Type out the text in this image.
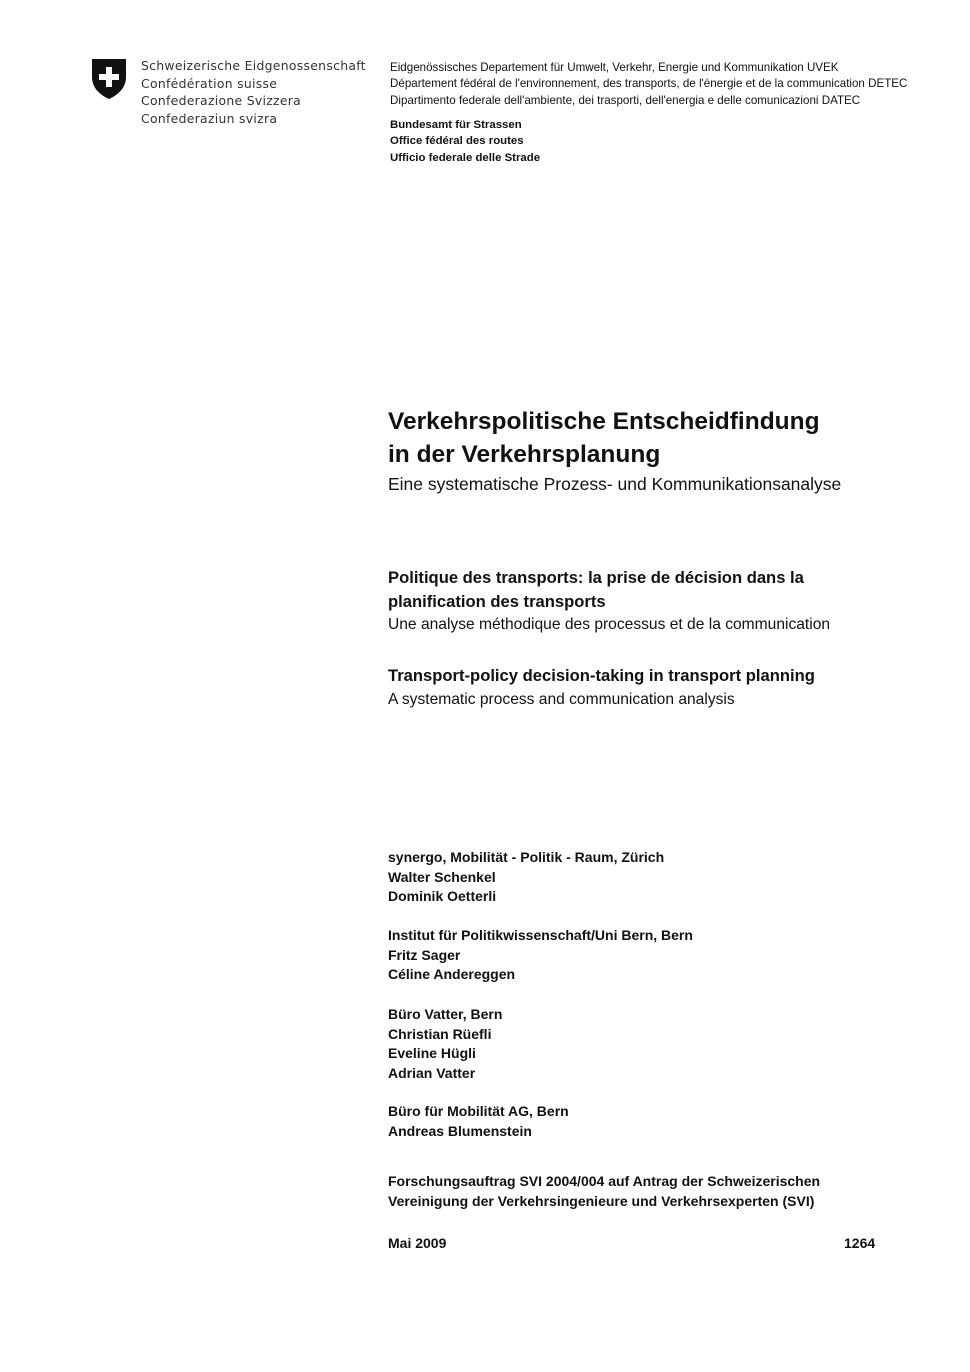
Schweizerische Eidgenossenschaft
Confédération suisse
Confederazione Svizzera
Confederaziun svizra
Eidgenössisches Departement für Umwelt, Verkehr, Energie und Kommunikation UVEK
Département fédéral de l'environnement, des transports, de l'énergie et de la communication DETEC
Dipartimento federale dell'ambiente, dei trasporti, dell'energia e delle comunicazioni DATEC
Bundesamt für Strassen
Office fédéral des routes
Ufficio federale delle Strade
Verkehrspolitische Entscheidfindung
in der Verkehrsplanung
Eine systematische Prozess- und Kommunikationsanalyse
Politique des transports: la prise de décision dans la
planification des transports
Une analyse méthodique des processus et de la communication
Transport-policy decision-taking in transport planning
A systematic process and communication analysis
synergo, Mobilität - Politik - Raum, Zürich
Walter Schenkel
Dominik Oetterli
Institut für Politikwissenschaft/Uni Bern, Bern
Fritz Sager
Céline Andereggen
Büro Vatter, Bern
Christian Rüefli
Eveline Hügli
Adrian Vatter
Büro für Mobilität AG, Bern
Andreas Blumenstein
Forschungsauftrag SVI 2004/004 auf Antrag der Schweizerischen
Vereinigung der Verkehrsingenieure und Verkehrsexperten (SVI)
Mai 2009	1264
